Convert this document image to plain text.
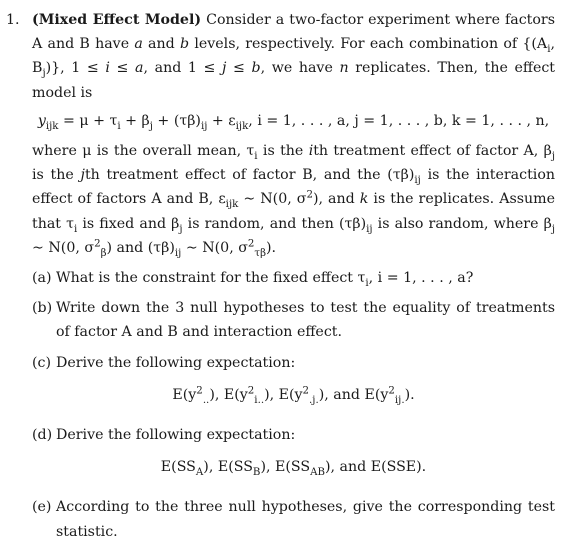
1. (Mixed Effect Model) Consider a two-factor experiment where factors A and B have a and b levels, respectively. For each combination of {($A_i$, $B_j$)}, 1 ≤ i ≤ a, and 1 ≤ j ≤ b, we have n replicates. Then, the effect model is

$y_{ijk} = \mu + \tau_i + \beta_j + (\tau\beta)_{ij} + \varepsilon_{ijk}$, i = 1, . . . , a, j = 1, . . . , b, k = 1, . . . , n,

where μ is the overall mean, $\tau_i$ is the ith treatment effect of factor A, $\beta_j$ is the jth treatment effect of factor B, and the $(\tau\beta)_{ij}$ is the interaction effect of factors A and B, $\varepsilon_{ijk}$ ∼ N(0, $\sigma^2$), and k is the replicates. Assume that $\tau_i$ is fixed and $\beta_j$ is random, and then $(\tau\beta)_{ij}$ is also random, where $\beta_j$ ∼ N(0, $\sigma^2_\beta$) and $(\tau\beta)_{ij}$ ∼ N(0, $\sigma^2_{\tau\beta}$).

(a) What is the constraint for the fixed effect $\tau_i$, i = 1, . . . , a?

(b) Write down the 3 null hypotheses to test the equality of treatments of factor A and B and interaction effect.

(c) Derive the following expectation:

$E(y^2_{..})$, $E(y^2_{i..})$, $E(y^2_{.j.})$, and $E(y^2_{ij.})$.
(d) Derive the following expectation:

$E(SS_A)$, $E(SS_B)$, $E(SS_{AB})$, and E(SSE).
(e) According to the three null hypotheses, give the corresponding test statistic.
